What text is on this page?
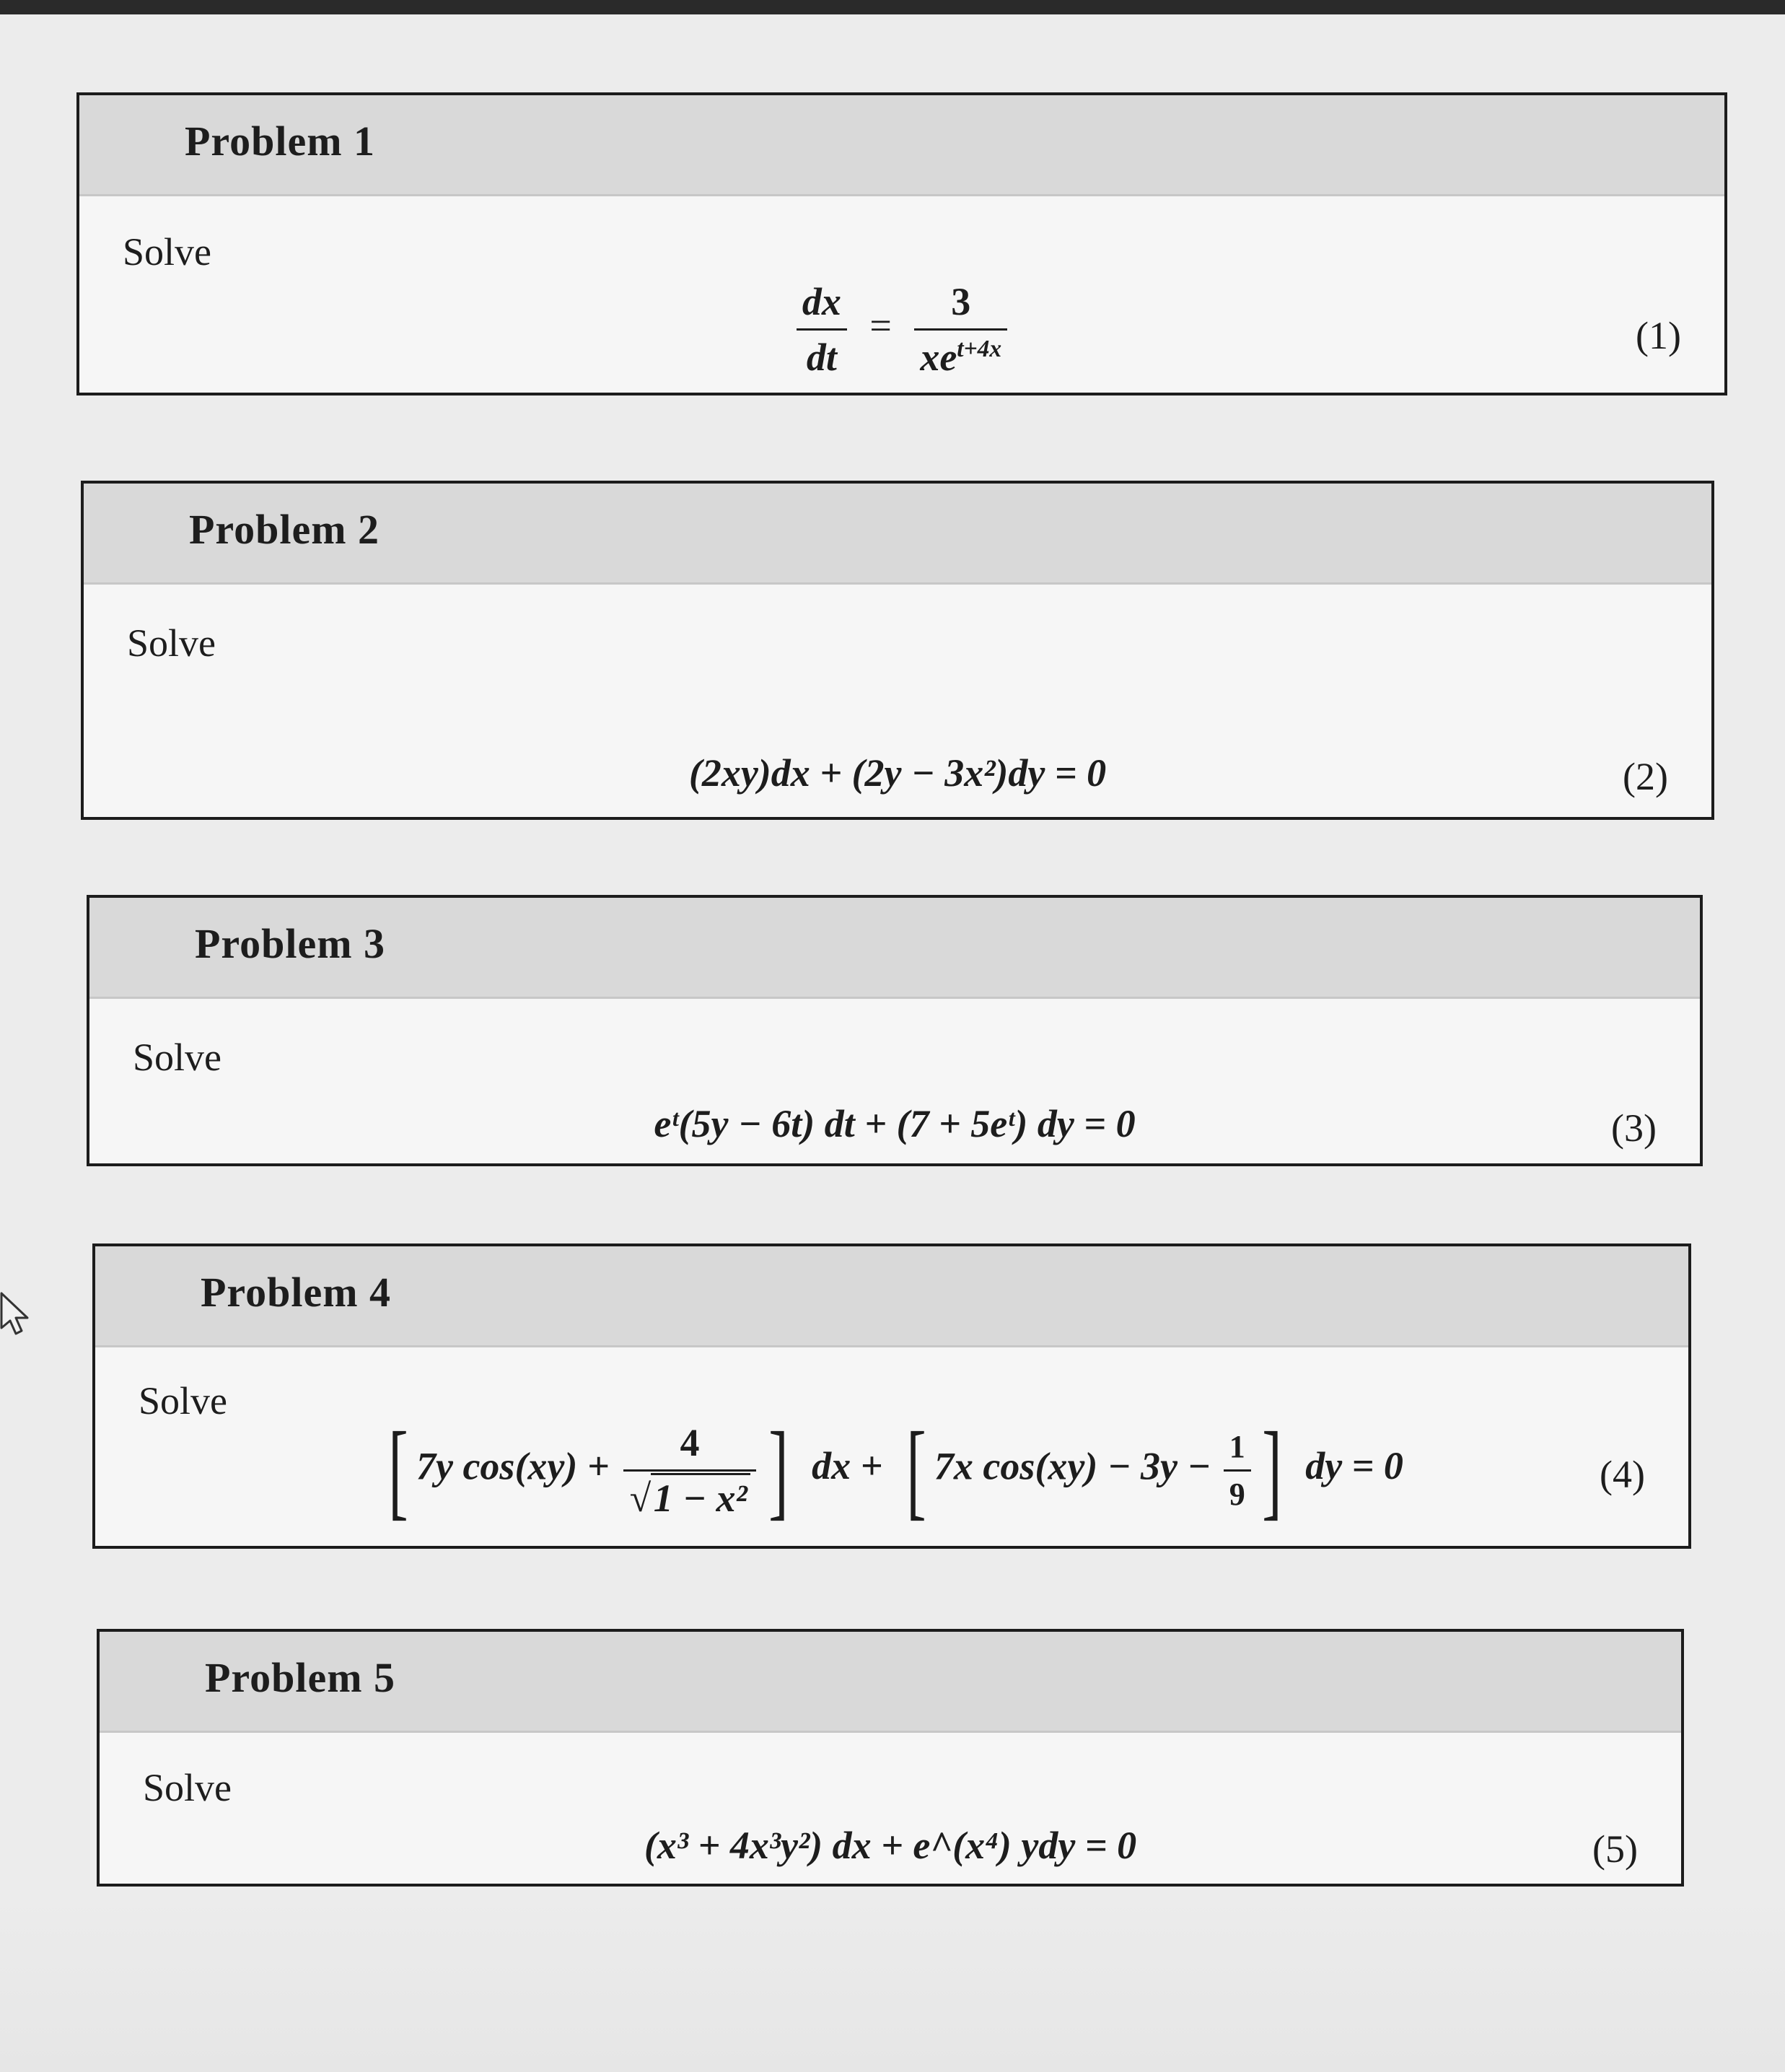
Problem 1
Solve
$\frac{dx}{dt} = \frac{3}{xe^{t+4x}}$	(1)
Problem 2
Solve
(2xy)dx + (2y − 3x²)dy = 0	(2)
Problem 3
Solve
eᵗ(5y − 6t) dt + (7 + 5eᵗ) dy = 0	(3)
Problem 4
Solve
[ 7y $\cos(xy) + \frac{4}{\text{√1 − x²}}$ ] dx + [ 7x $\cos(xy) - 3y - \frac{1}{9}$ ] dy = 0	(4)
Problem 5
Solve
(x³ + 4x³y²) dx + e^(x⁴) ydy = 0	(5)
